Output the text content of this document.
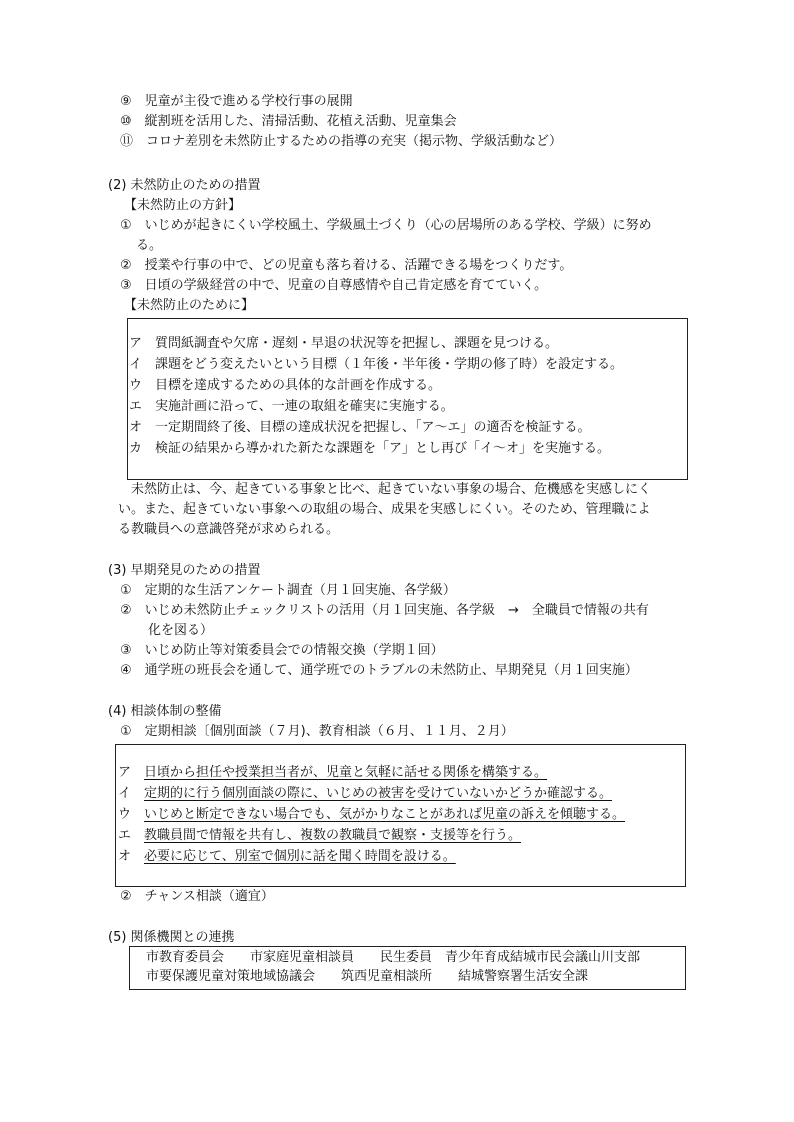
⑨　児童が主役で進める学校行事の展開
⑩　縦割班を活用した、清掃活動、花植え活動、児童集会
⑪　コロナ差別を未然防止するための指導の充実（掲示物、学級活動など）
(2) 未然防止のための措置
【未然防止の方針】
①　いじめが起きにくい学校風土、学級風土づくり（心の居場所のある学校、学級）に努め
る。
②　授業や行事の中で、どの児童も落ち着ける、活躍できる場をつくりだす。
③　日頃の学級経営の中で、児童の自尊感情や自己肯定感を育てていく。
【未然防止のために】
ア　質問紙調査や欠席・遅刻・早退の状況等を把握し、課題を見つける。
イ　課題をどう変えたいという目標（１年後・半年後・学期の修了時）を設定する。
ウ　目標を達成するための具体的な計画を作成する。
エ　実施計画に沿って、一連の取組を確実に実施する。
オ　一定期間終了後、目標の達成状況を把握し、「ア～エ」の適否を検証する。
カ　検証の結果から導かれた新たな課題を「ア」とし再び「イ～オ」を実施する。
　未然防止は、今、起きている事象と比べ、起きていない事象の場合、危機感を実感しにく
い。また、起きていない事象への取組の場合、成果を実感しにくい。そのため、管理職によ
る教職員への意識啓発が求められる。
(3) 早期発見のための措置
①　定期的な生活アンケート調査（月１回実施、各学級）
②　いじめ未然防止チェックリストの活用（月１回実施、各学級　→　全職員で情報の共有
化を図る）
③　いじめ防止等対策委員会での情報交換（学期１回）
④　通学班の班長会を通して、通学班でのトラブルの未然防止、早期発見（月１回実施）
(4) 相談体制の整備
①　定期相談〔個別面談（７月)、教育相談（６月、１１月、２月）
ア　 日頃から担任や授業担当者が、児童と気軽に話せる関係を構築する。
イ　 定期的に行う個別面談の際に、いじめの被害を受けていないかどうか確認する。
ウ　 いじめと断定できない場合でも、気がかりなことがあれば児童の訴えを傾聴する。
エ　 教職員間で情報を共有し、複数の教職員で観察・支援等を行う。
オ　 必要に応じて、別室で個別に話を聞く時間を設ける。
②　チャンス相談（適宜）
(5) 関係機関との連携
市教育委員会　　市家庭児童相談員　　民生委員　青少年育成結城市民会議山川支部
市要保護児童対策地域協議会　　筑西児童相談所　　結城警察署生活安全課
